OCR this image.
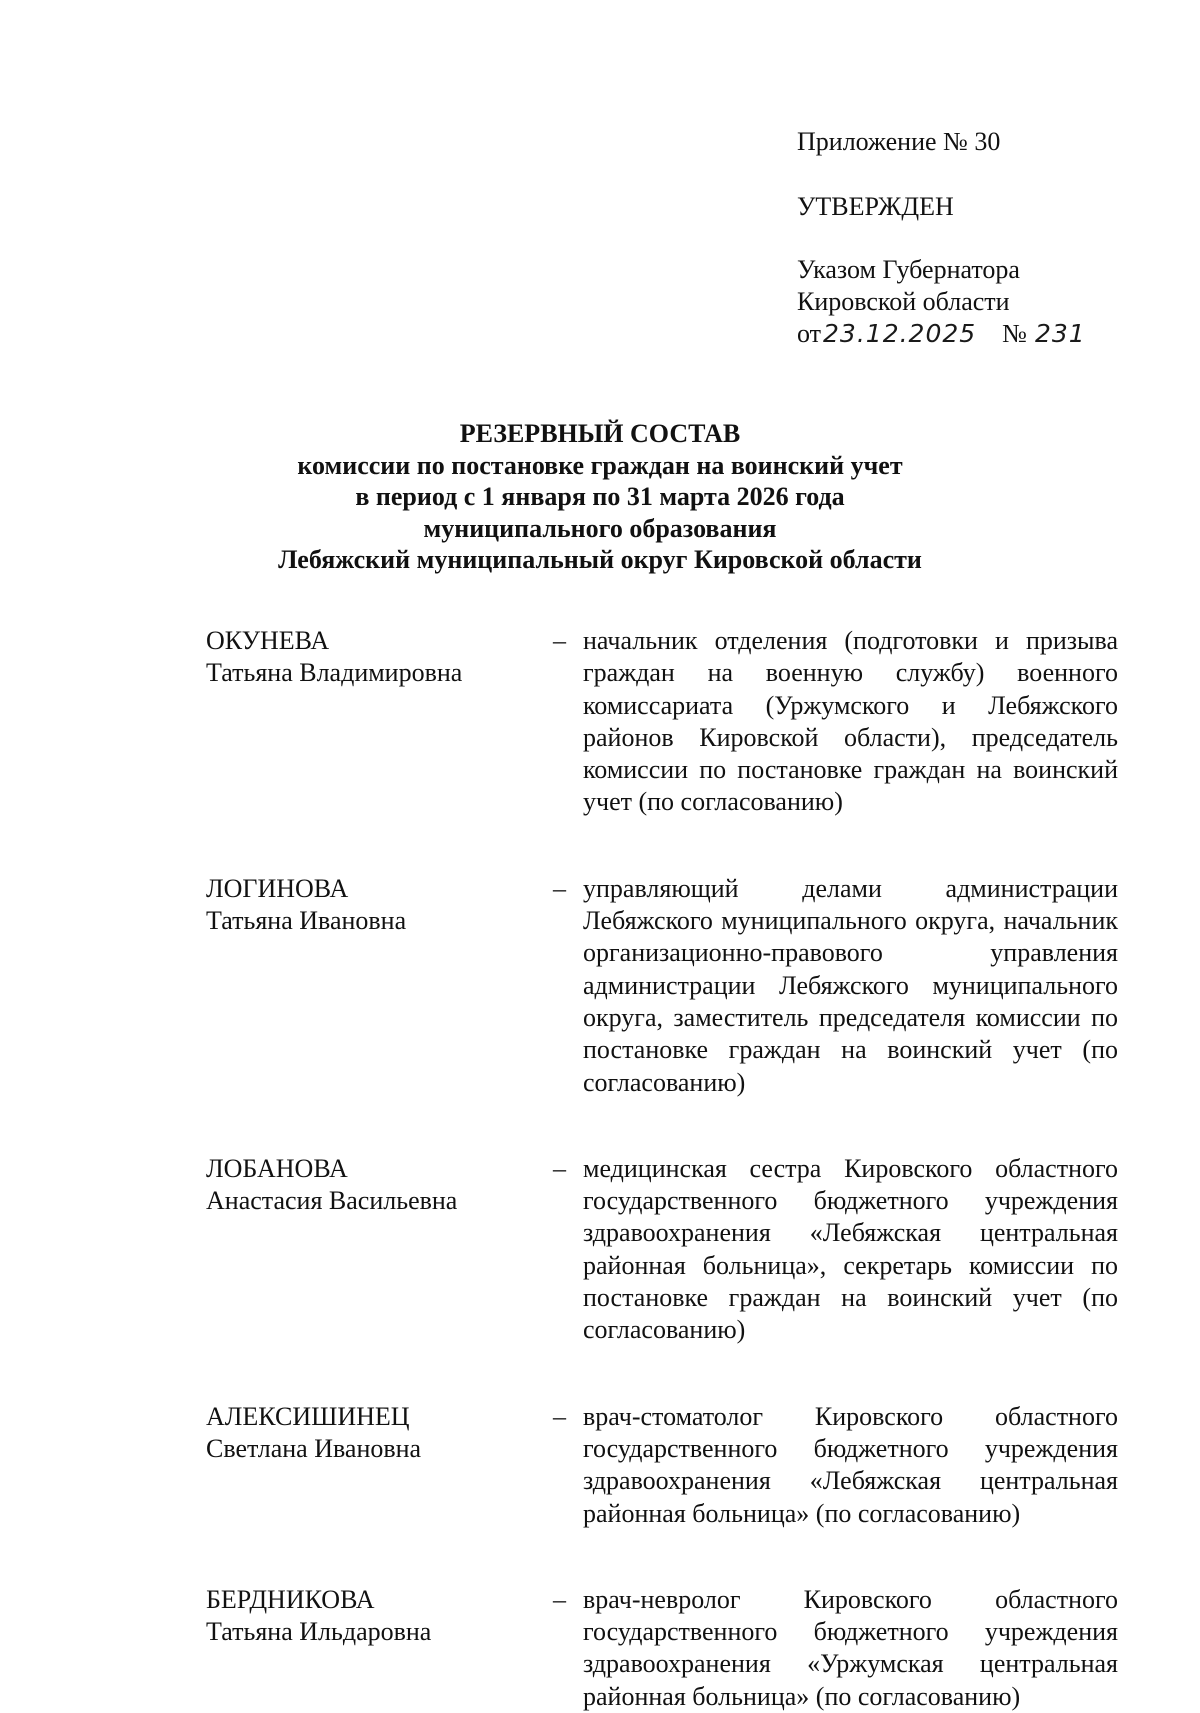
Приложение № 30
УТВЕРЖДЕН
Указом Губернатора
Кировской области
от23.12.2025 № 231
РЕЗЕРВНЫЙ СОСТАВ
комиссии по постановке граждан на воинский учет
в период с 1 января по 31 марта 2026 года
муниципального образования
Лебяжский муниципальный округ Кировской области
ОКУНЕВА
Татьяна Владимировна
– начальник отделения (подготовки и призыва граждан на военную службу) военного комиссариата (Уржумского и Лебяжского районов Кировской области), председатель комиссии по постановке граждан на воинский учет (по согласованию)
ЛОГИНОВА
Татьяна Ивановна
– управляющий делами администрации Лебяжского муниципального округа, начальник организационно-правового управления администрации Лебяжского муниципального округа, заместитель председателя комиссии по постановке граждан на воинский учет (по согласованию)
ЛОБАНОВА
Анастасия Васильевна
– медицинская сестра Кировского областного государственного бюджетного учреждения здравоохранения «Лебяжская центральная районная больница», секретарь комиссии по постановке граждан на воинский учет (по согласованию)
АЛЕКСИШИНЕЦ
Светлана Ивановна
– врач-стоматолог Кировского областного государственного бюджетного учреждения здравоохранения «Лебяжская центральная районная больница» (по согласованию)
БЕРДНИКОВА
Татьяна Ильдаровна
– врач-невролог Кировского областного государственного бюджетного учреждения здравоохранения «Уржумская центральная районная больница» (по согласованию)
